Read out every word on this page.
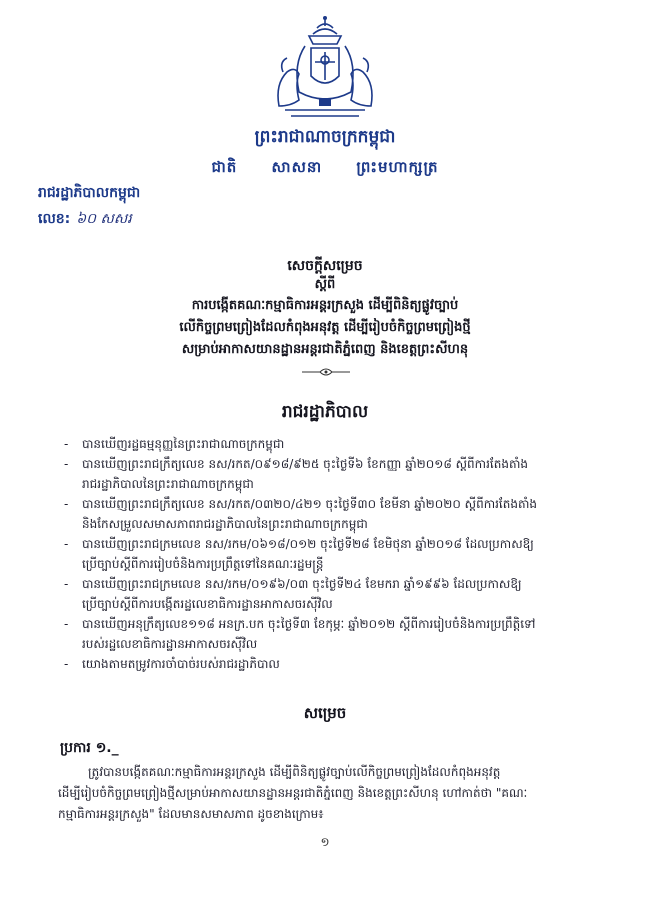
ព្រះរាជាណាចក្រកម្ពុជា
ជាតិ សាសនា ព្រះមហាក្សត្រ
រាជរដ្ឋាភិបាលកម្ពុជា
លេខ: ៦០ សសរ
សេចក្តីសម្រេច
ស្តីពី
ការបង្កើតគណៈកម្មាធិការអន្តរក្រសួង ដើម្បីពិនិត្យផ្លូវច្បាប់
លើកិច្ចព្រមព្រៀងដែលកំពុងអនុវត្ត ដើម្បីរៀបចំកិច្ចព្រមព្រៀងថ្មី
សម្រាប់អាកាសយានដ្ឋានអន្តរជាតិភ្នំពេញ និងខេត្តព្រះសីហនុ
រាជរដ្ឋាភិបាល
- បានឃើញរដ្ឋធម្មនុញ្ញនៃព្រះរាជាណាចក្រកម្ពុជា
- បានឃើញព្រះរាជក្រឹត្យលេខ នស/រកត/០៩១៨/៩២៥ ចុះថ្ងៃទី៦ ខែកញ្ញា ឆ្នាំ២០១៨ ស្តីពីការតែងតាំង
រាជរដ្ឋាភិបាលនៃព្រះរាជាណាចក្រកម្ពុជា
- បានឃើញព្រះរាជក្រឹត្យលេខ នស/រកត/០៣២០/៤២១ ចុះថ្ងៃទី៣០ ខែមីនា ឆ្នាំ២០២០ ស្តីពីការតែងតាំង
និងកែសម្រួលសមាសភាពរាជរដ្ឋាភិបាលនៃព្រះរាជាណាចក្រកម្ពុជា
- បានឃើញព្រះរាជក្រមលេខ នស/រកម/០៦១៨/០១២ ចុះថ្ងៃទី២៨ ខែមិថុនា ឆ្នាំ២០១៨ ដែលប្រកាសឱ្យ
ប្រើច្បាប់ស្តីពីការរៀបចំនិងការប្រព្រឹត្តទៅនៃគណៈរដ្ឋមន្ត្រី
- បានឃើញព្រះរាជក្រមលេខ នស/រកម/០១៩៦/០៣ ចុះថ្ងៃទី២៤ ខែមករា ឆ្នាំ១៩៩៦ ដែលប្រកាសឱ្យ
ប្រើច្បាប់ស្តីពីការបង្កើតរដ្ឋលេខាធិការដ្ឋានអាកាសចរស៊ីវិល
- បានឃើញអនុក្រឹត្យលេខ១១៨ អនក្រ.បក ចុះថ្ងៃទី៣ ខែកុម្ភៈ ឆ្នាំ២០១២ ស្តីពីការរៀបចំនិងការប្រព្រឹត្តិទៅ
របស់រដ្ឋលេខាធិការដ្ឋានអាកាសចរស៊ីវិល
- យោងតាមតម្រូវការចាំបាច់របស់រាជរដ្ឋាភិបាល
សម្រេច
ប្រការ ១._
ត្រូវបានបង្កើតគណៈកម្មាធិការអន្តរក្រសួង ដើម្បីពិនិត្យផ្លូវច្បាប់លើកិច្ចព្រមព្រៀងដែលកំពុងអនុវត្ត
ដើម្បីរៀបចំកិច្ចព្រមព្រៀងថ្មីសម្រាប់អាកាសយានដ្ឋានអន្តរជាតិភ្នំពេញ និងខេត្តព្រះសីហនុ ហៅកាត់ថា "គណៈ
កម្មាធិការអន្តរក្រសួង" ដែលមានសមាសភាព ដូចខាងក្រោម៖
១
